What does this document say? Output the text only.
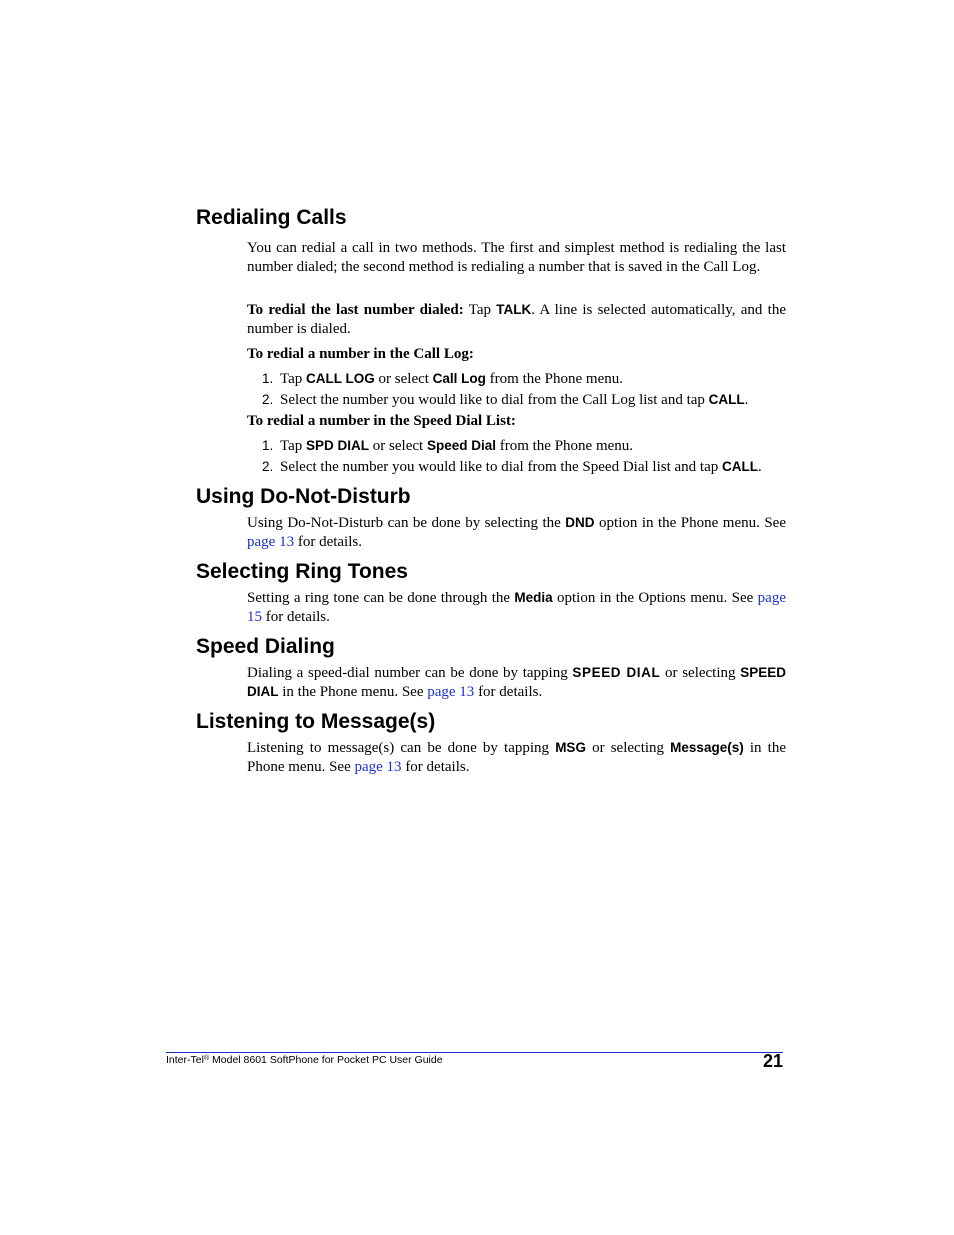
Redialing Calls

You can redial a call in two methods. The first and simplest method is redialing the last number dialed; the second method is redialing a number that is saved in the Call Log.

To redial the last number dialed: Tap TALK. A line is selected automatically, and the number is dialed.

To redial a number in the Call Log:

1. Tap CALL LOG or select Call Log from the Phone menu.

2. Select the number you would like to dial from the Call Log list and tap CALL.

To redial a number in the Speed Dial List:

1. Tap SPD DIAL or select Speed Dial from the Phone menu.

2. Select the number you would like to dial from the Speed Dial list and tap CALL.

Using Do-Not-Disturb

Using Do-Not-Disturb can be done by selecting the DND option in the Phone menu. See page 13 for details.

Selecting Ring Tones

Setting a ring tone can be done through the Media option in the Options menu. See page 15 for details.

Speed Dialing

Dialing a speed-dial number can be done by tapping SPEED DIAL or selecting SPEED DIAL in the Phone menu. See page 13 for details.

Listening to Message(s)

Listening to message(s) can be done by tapping MSG or selecting Message(s) in the Phone menu. See page 13 for details.

Inter-Tel® Model 8601 SoftPhone for Pocket PC User Guide	21
